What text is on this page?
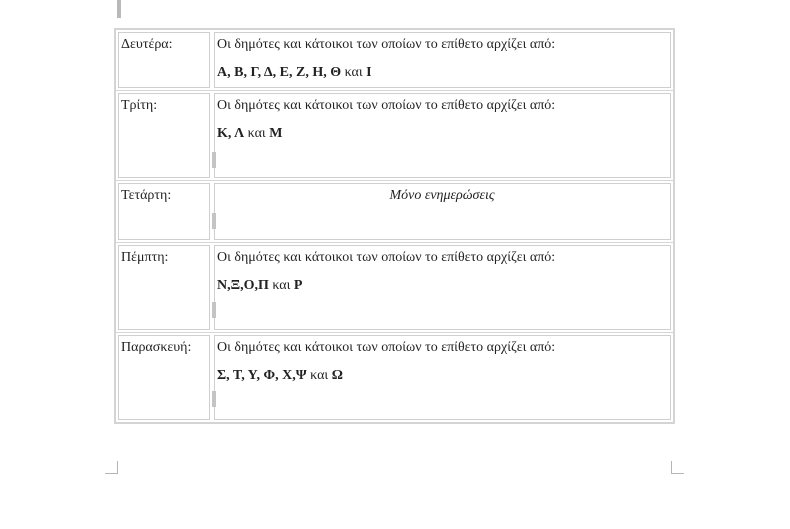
Δευτέρα:	Οι δημότες και κάτοικοι των οποίων το επίθετο αρχίζει από:
Α, Β, Γ, Δ, Ε, Ζ, Η, Θ και Ι
Τρίτη:	Οι δημότες και κάτοικοι των οποίων το επίθετο αρχίζει από:
Κ, Λ και Μ
Τετάρτη:	Μόνο ενημερώσεις
Πέμπτη:	Οι δημότες και κάτοικοι των οποίων το επίθετο αρχίζει από:
Ν,Ξ,Ο,Π και Ρ
Παρασκευή:	Οι δημότες και κάτοικοι των οποίων το επίθετο αρχίζει από:
Σ, Τ, Υ, Φ, Χ,Ψ και Ω
